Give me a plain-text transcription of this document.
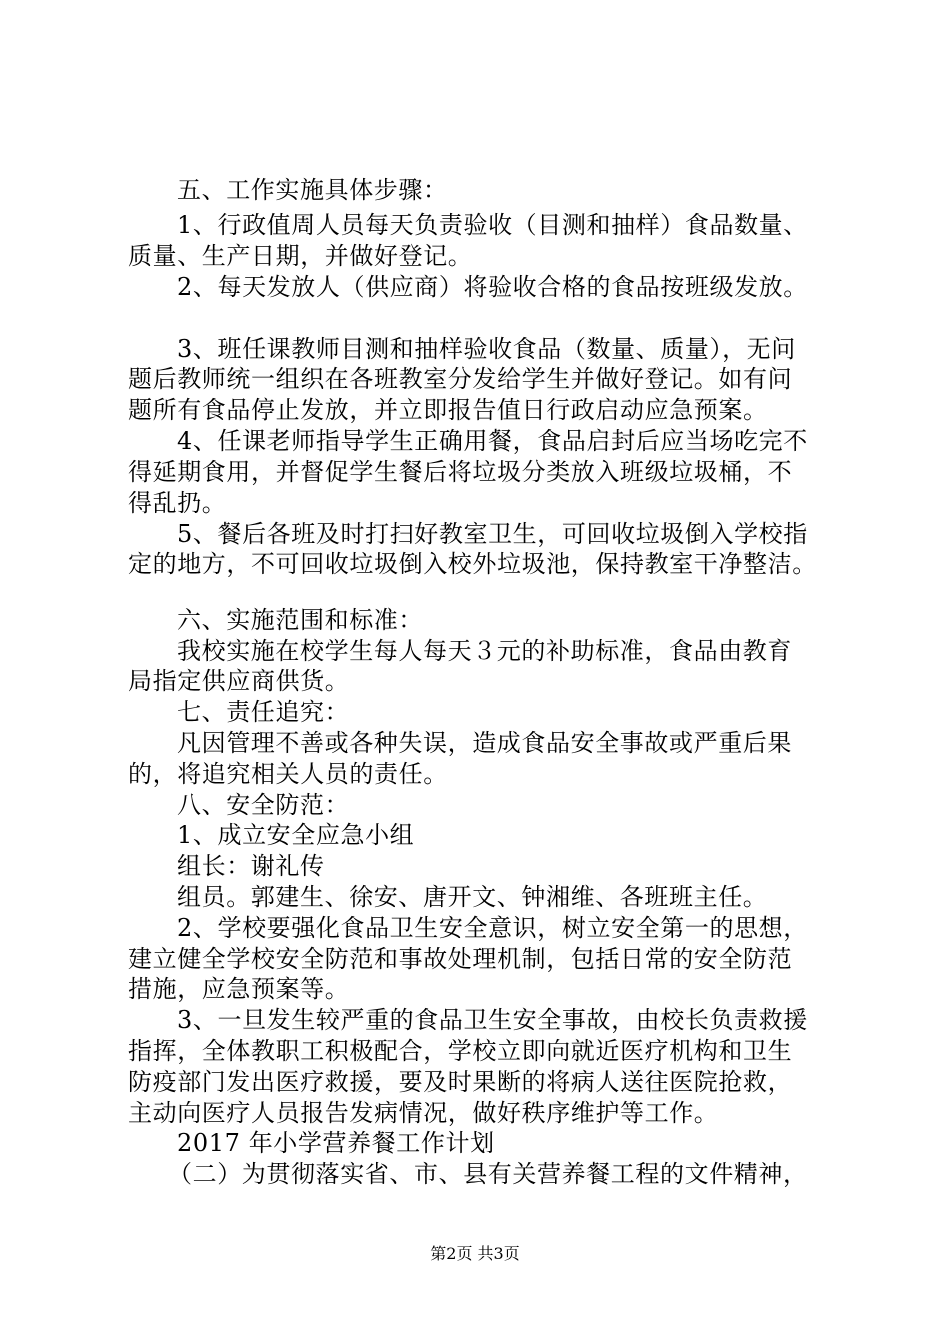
五、工作实施具体步骤：
1、行政值周人员每天负责验收（目测和抽样）食品数量、
质量、生产日期，并做好登记。
2、每天发放人（供应商）将验收合格的食品按班级发放。
3、班任课教师目测和抽样验收食品（数量、质量），无问
题后教师统一组织在各班教室分发给学生并做好登记。如有问
题所有食品停止发放，并立即报告值日行政启动应急预案。
4、任课老师指导学生正确用餐，食品启封后应当场吃完不
得延期食用，并督促学生餐后将垃圾分类放入班级垃圾桶，不
得乱扔。
5、餐后各班及时打扫好教室卫生，可回收垃圾倒入学校指
定的地方，不可回收垃圾倒入校外垃圾池，保持教室干净整洁。
六、实施范围和标准：
我校实施在校学生每人每天３元的补助标准，食品由教育
局指定供应商供货。
七、责任追究：
凡因管理不善或各种失误，造成食品安全事故或严重后果
的，将追究相关人员的责任。
八、安全防范：
1、成立安全应急小组
组长：谢礼传
组员。郭建生、徐安、唐开文、钟湘维、各班班主任。
2、学校要强化食品卫生安全意识，树立安全第一的思想，
建立健全学校安全防范和事故处理机制，包括日常的安全防范
措施，应急预案等。
3、一旦发生较严重的食品卫生安全事故，由校长负责救援
指挥，全体教职工积极配合，学校立即向就近医疗机构和卫生
防疫部门发出医疗救援，要及时果断的将病人送往医院抢救，
主动向医疗人员报告发病情况，做好秩序维护等工作。
2017 年小学营养餐工作计划
（二）为贯彻落实省、市、县有关营养餐工程的文件精神，
第2页 共3页
